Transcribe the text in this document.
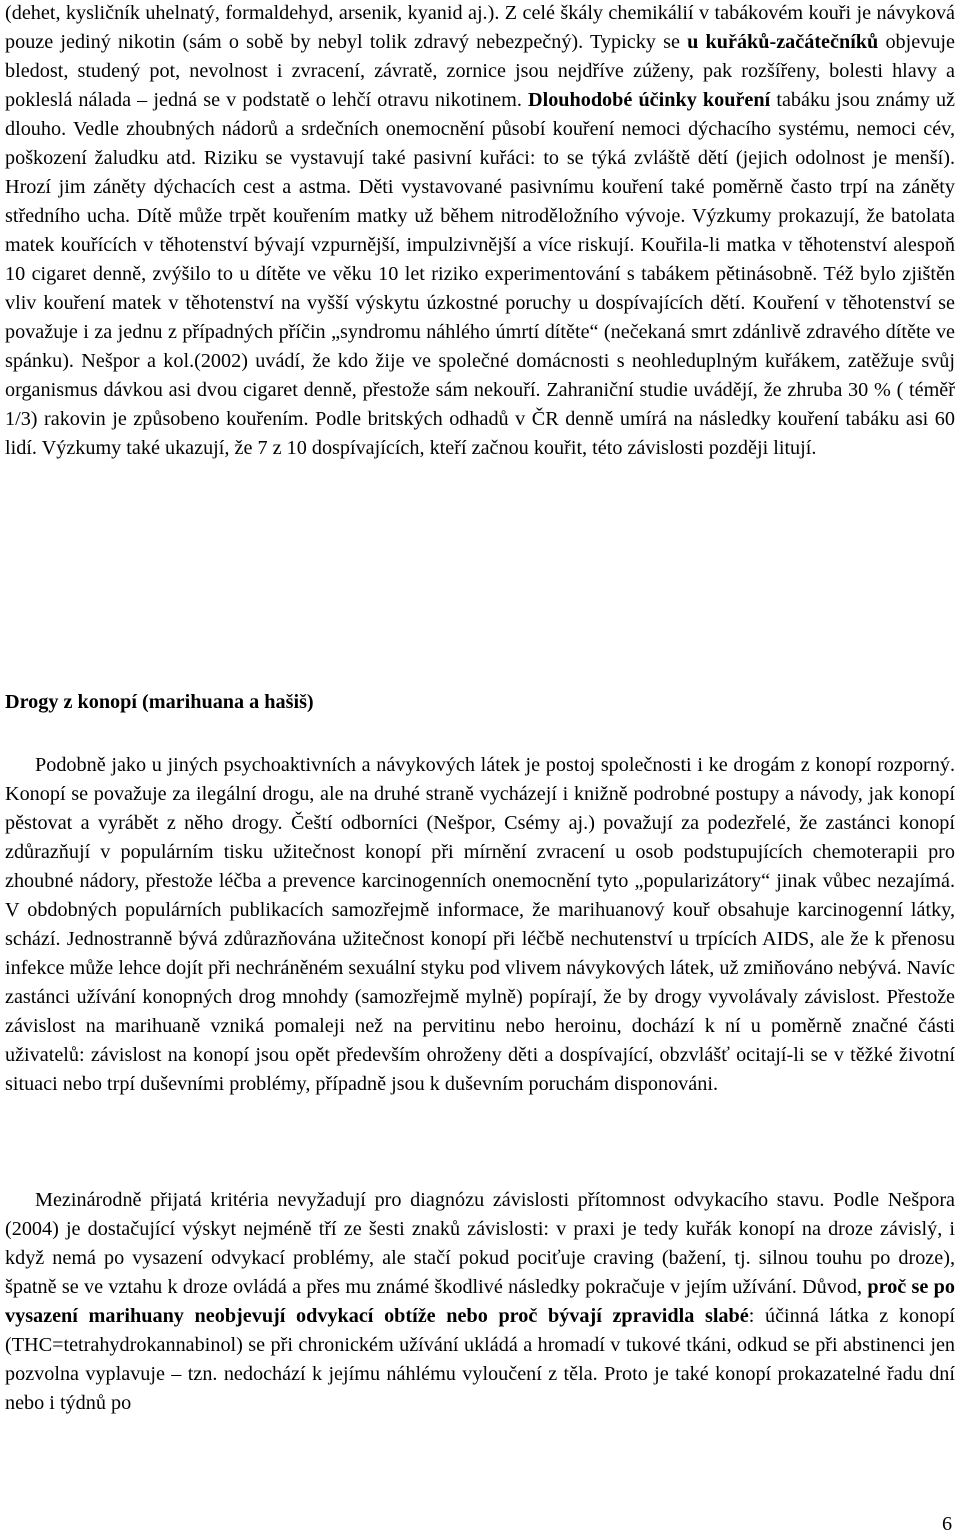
(dehet, kysličník uhelnatý, formaldehyd, arsenik, kyanid aj.). Z celé škály chemikálií v tabákovém kouři je návyková pouze jediný nikotin (sám o sobě by nebyl tolik zdravý nebezpečný). Typicky se u kuřáků-začátečníků objevuje bledost, studený pot, nevolnost i zvracení, závratě, zornice jsou nejdříve zúženy, pak rozšířeny, bolesti hlavy a pokleslá nálada – jedná se v podstatě o lehčí otravu nikotinem. Dlouhodobé účinky kouření tabáku jsou známy už dlouho. Vedle zhoubných nádorů a srdečních onemocnění působí kouření nemoci dýchacího systému, nemoci cév, poškození žaludku atd. Riziku se vystavují také pasivní kuřáci: to se týká zvláště dětí (jejich odolnost je menší). Hrozí jim záněty dýchacích cest a astma. Děti vystavované pasivnímu kouření také poměrně často trpí na záněty středního ucha. Dítě může trpět kouřením matky už během nitroděložního vývoje. Výzkumy prokazují, že batolata matek kouřících v těhotenství bývají vzpurnější, impulzivnější a více riskují. Kouřila-li matka v těhotenství alespoň 10 cigaret denně, zvýšilo to u dítěte ve věku 10 let riziko experimentování s tabákem pětinásobně. Též bylo zjištěn vliv kouření matek v těhotenství na vyšší výskytu úzkostné poruchy u dospívajících dětí. Kouření v těhotenství se považuje i za jednu z případných příčin „syndromu náhlého úmrtí dítěte“ (nečekaná smrt zdánlivě zdravého dítěte ve spánku). Nešpor a kol.(2002) uvádí, že kdo žije ve společné domácnosti s neohleduplným kuřákem, zatěžuje svůj organismus dávkou asi dvou cigaret denně, přestože sám nekouří. Zahraniční studie uvádějí, že zhruba 30 % ( téměř 1/3) rakovin je způsobeno kouřením. Podle britských odhadů v ČR denně umírá na následky kouření tabáku asi 60 lidí. Výzkumy také ukazují, že 7 z 10 dospívajících, kteří začnou kouřit, této závislosti později litují.

Drogy z konopí (marihuana a hašiš)

Podobně jako u jiných psychoaktivních a návykových látek je postoj společnosti i ke drogám z konopí rozporný. Konopí se považuje za ilegální drogu, ale na druhé straně vycházejí i knižně podrobné postupy a návody, jak konopí pěstovat a vyrábět z něho drogy. Čeští odborníci (Nešpor, Csémy aj.) považují za podezřelé, že zastánci konopí zdůrazňují v populárním tisku užitečnost konopí při mírnění zvracení u osob podstupujících chemoterapii pro zhoubné nádory, přestože léčba a prevence karcinogenních onemocnění tyto „popularizátory“ jinak vůbec nezajímá. V obdobných populárních publikacích samozřejmě informace, že marihuanový kouř obsahuje karcinogenní látky, schází. Jednostranně bývá zdůrazňována užitečnost konopí při léčbě nechutenství u trpících AIDS, ale že k přenosu infekce může lehce dojít při nechráněném sexuální styku pod vlivem návykových látek, už zmiňováno nebývá. Navíc zastánci užívání konopných drog mnohdy (samozřejmě mylně) popírají, že by drogy vyvolávaly závislost. Přestože závislost na marihuaně vzniká pomaleji než na pervitinu nebo heroinu, dochází k ní u poměrně značné části uživatelů: závislost na konopí jsou opět především ohroženy děti a dospívající, obzvlášť ocitají-li se v těžké životní situaci nebo trpí duševními problémy, případně jsou k duševním poruchám disponováni.

Mezinárodně přijatá kritéria nevyžadují pro diagnózu závislosti přítomnost odvykacího stavu. Podle Nešpora (2004) je dostačující výskyt nejméně tří ze šesti znaků závislosti: v praxi je tedy kuřák konopí na droze závislý, i když nemá po vysazení odvykací problémy, ale stačí pokud pociťuje craving (bažení, tj. silnou touhu po droze), špatně se ve vztahu k droze ovládá a přes mu známé škodlivé následky pokračuje v jejím užívání. Důvod, proč se po vysazení marihuany neobjevují odvykací obtíže nebo proč bývají zpravidla slabé: účinná látka z konopí (THC=tetrahydrokannabinol) se při chronickém užívání ukládá a hromadí v tukové tkáni, odkud se při abstinenci jen pozvolna vyplavuje – tzn. nedochází k jejímu náhlému vyloučení z těla. Proto je také konopí prokazatelné řadu dní nebo i týdnů po

6
